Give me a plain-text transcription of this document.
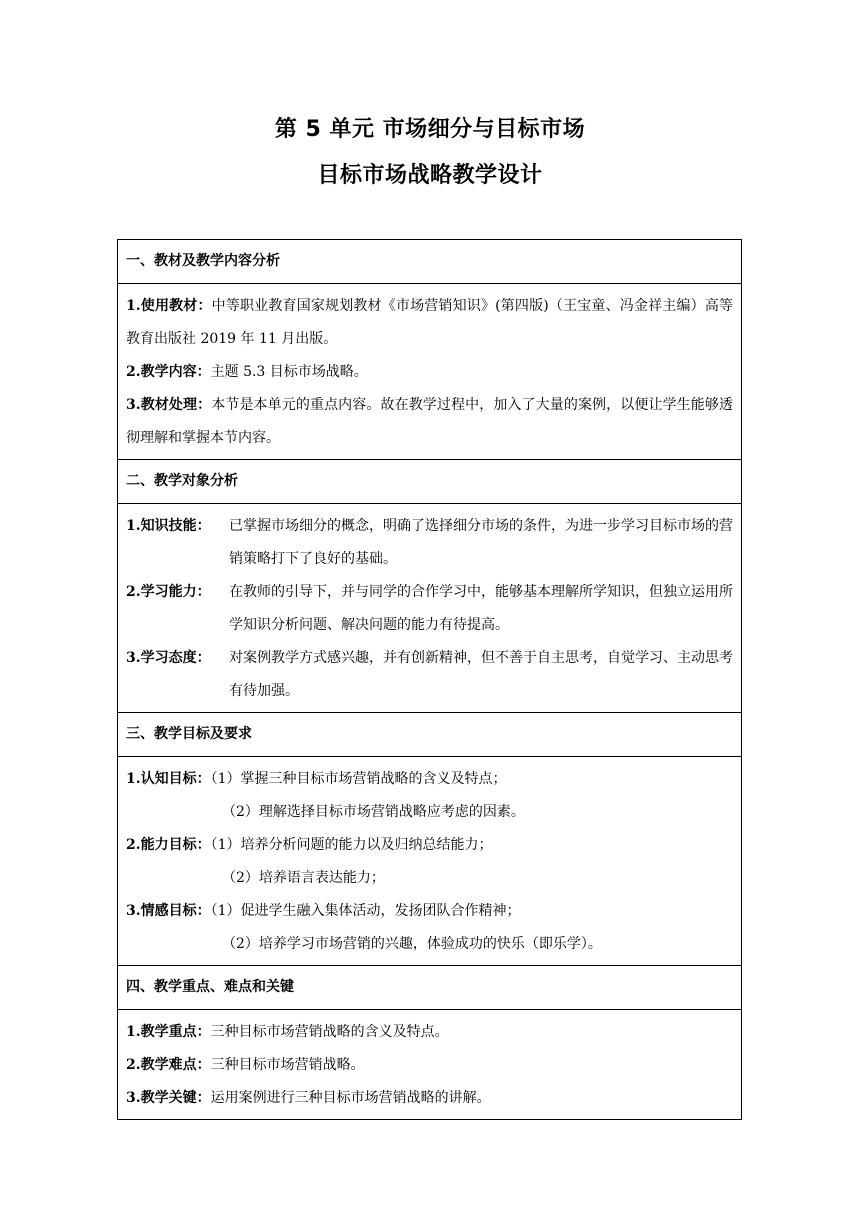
第 5 单元 市场细分与目标市场
目标市场战略教学设计
一、教材及教学内容分析

1.使用教材：中等职业教育国家规划教材《市场营销知识》(第四版)（王宝童、冯金祥主编）高等教育出版社 2019 年 11 月出版。
2.教学内容：主题 5.3 目标市场战略。
3.教材处理：本节是本单元的重点内容。故在教学过程中，加入了大量的案例，以便让学生能够透彻理解和掌握本节内容。

二、教学对象分析

1.知识技能：	已掌握市场细分的概念，明确了选择细分市场的条件，为进一步学习目标市场的营销策略打下了良好的基础。
2.学习能力：	在教师的引导下，并与同学的合作学习中，能够基本理解所学知识，但独立运用所学知识分析问题、解决问题的能力有待提高。
3.学习态度：	对案例教学方式感兴趣，并有创新精神，但不善于自主思考，自觉学习、主动思考有待加强。

三、教学目标及要求

1.认知目标：（1）掌握三种目标市场营销战略的含义及特点；
（2）理解选择目标市场营销战略应考虑的因素。
2.能力目标：（1）培养分析问题的能力以及归纳总结能力；
（2）培养语言表达能力；
3.情感目标：（1）促进学生融入集体活动，发扬团队合作精神；
（2）培养学习市场营销的兴趣，体验成功的快乐（即乐学）。

四、教学重点、难点和关键

1.教学重点：三种目标市场营销战略的含义及特点。
2.教学难点：三种目标市场营销战略。
3.教学关键：运用案例进行三种目标市场营销战略的讲解。
